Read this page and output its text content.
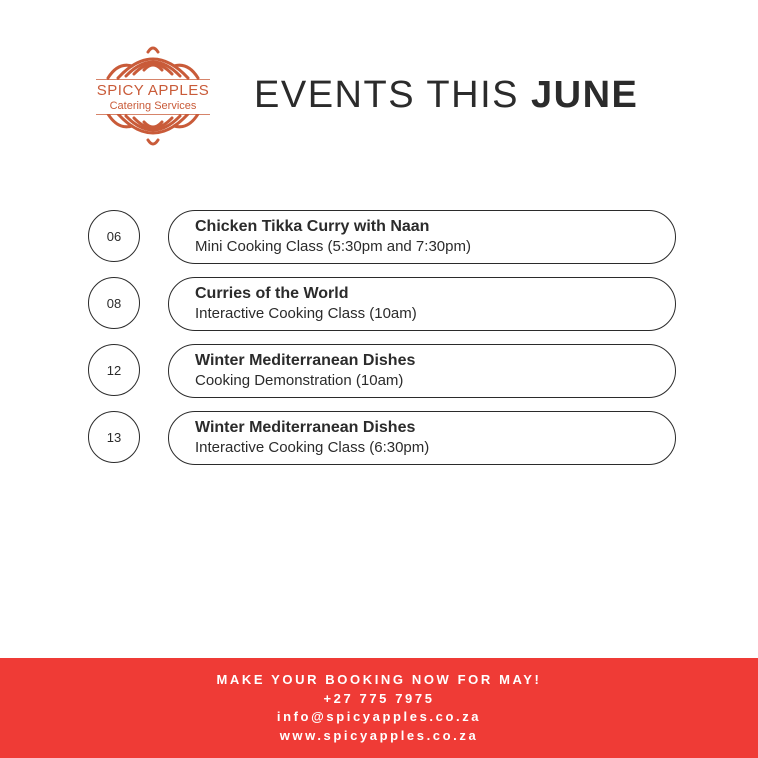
SPICY APPLES
Catering Services	EVENTS THIS JUNE
06
Chicken Tikka Curry with Naan
Mini Cooking Class (5:30pm and 7:30pm)
08
Curries of the World
Interactive Cooking Class (10am)
12
Winter Mediterranean Dishes
Cooking Demonstration (10am)
13
Winter Mediterranean Dishes
Interactive Cooking Class (6:30pm)
MAKE YOUR BOOKING NOW FOR MAY!
+27 775 7975
info@spicyapples.co.za
www.spicyapples.co.za
